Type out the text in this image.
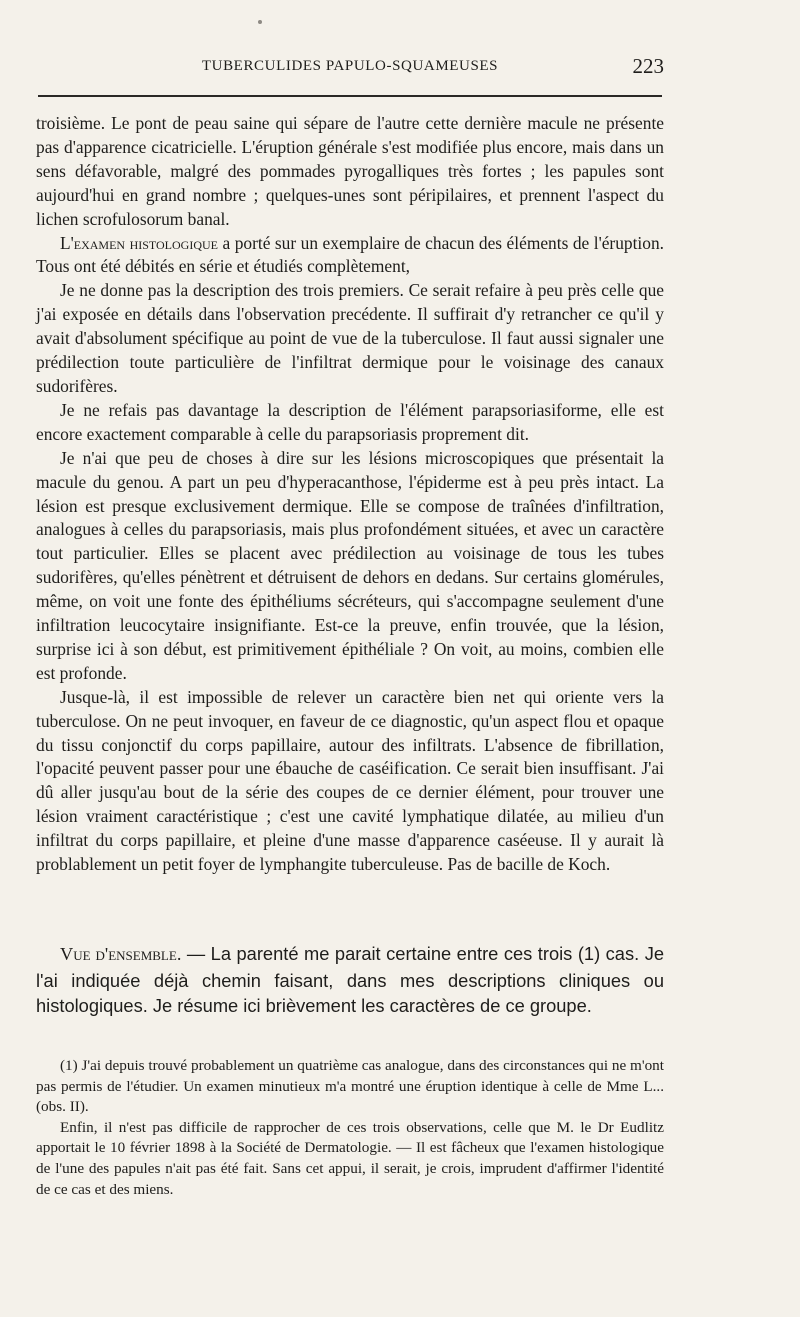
TUBERCULIDES PAPULO-SQUAMEUSES	223

troisième. Le pont de peau saine qui sépare de l'autre cette dernière macule ne présente pas d'apparence cicatricielle. L'éruption générale s'est modifiée plus encore, mais dans un sens défavorable, malgré des pommades pyrogalliques très fortes ; les papules sont aujourd'hui en grand nombre ; quelques-unes sont péripilaires, et prennent l'aspect du lichen scrofulosorum banal.

L'examen histologique a porté sur un exemplaire de chacun des éléments de l'éruption. Tous ont été débités en série et étudiés complètement,

Je ne donne pas la description des trois premiers. Ce serait refaire à peu près celle que j'ai exposée en détails dans l'observation precédente. Il suffirait d'y retrancher ce qu'il y avait d'absolument spécifique au point de vue de la tuberculose. Il faut aussi signaler une prédilection toute particulière de l'infiltrat dermique pour le voisinage des canaux sudorifères.

Je ne refais pas davantage la description de l'élément parapsoriasiforme, elle est encore exactement comparable à celle du parapsoriasis proprement dit.

Je n'ai que peu de choses à dire sur les lésions microscopiques que présentait la macule du genou. A part un peu d'hyperacanthose, l'épiderme est à peu près intact. La lésion est presque exclusivement dermique. Elle se compose de traînées d'infiltration, analogues à celles du parapsoriasis, mais plus profondément situées, et avec un caractère tout particulier. Elles se placent avec prédilection au voisinage de tous les tubes sudorifères, qu'elles pénètrent et détruisent de dehors en dedans. Sur certains glomérules, même, on voit une fonte des épithéliums sécréteurs, qui s'accompagne seulement d'une infiltration leucocytaire insignifiante. Est-ce la preuve, enfin trouvée, que la lésion, surprise ici à son début, est primitivement épithéliale ? On voit, au moins, combien elle est profonde.

Jusque-là, il est impossible de relever un caractère bien net qui oriente vers la tuberculose. On ne peut invoquer, en faveur de ce diagnostic, qu'un aspect flou et opaque du tissu conjonctif du corps papillaire, autour des infiltrats. L'absence de fibrillation, l'opacité peuvent passer pour une ébauche de caséification. Ce serait bien insuffisant. J'ai dû aller jusqu'au bout de la série des coupes de ce dernier élément, pour trouver une lésion vraiment caractéristique ; c'est une cavité lymphatique dilatée, au milieu d'un infiltrat du corps papillaire, et pleine d'une masse d'apparence caséeuse. Il y aurait là problablement un petit foyer de lymphangite tuberculeuse. Pas de bacille de Koch.

Vue d'ensemble. — La parenté me parait certaine entre ces trois (1) cas. Je l'ai indiquée déjà chemin faisant, dans mes descriptions cliniques ou histologiques. Je résume ici brièvement les caractères de ce groupe.

(1) J'ai depuis trouvé probablement un quatrième cas analogue, dans des circonstances qui ne m'ont pas permis de l'étudier. Un examen minutieux m'a montré une éruption identique à celle de Mme L... (obs. II).

Enfin, il n'est pas difficile de rapprocher de ces trois observations, celle que M. le Dr Eudlitz apportait le 10 février 1898 à la Société de Dermatologie. — Il est fâcheux que l'examen histologique de l'une des papules n'ait pas été fait. Sans cet appui, il serait, je crois, imprudent d'affirmer l'identité de ce cas et des miens.
